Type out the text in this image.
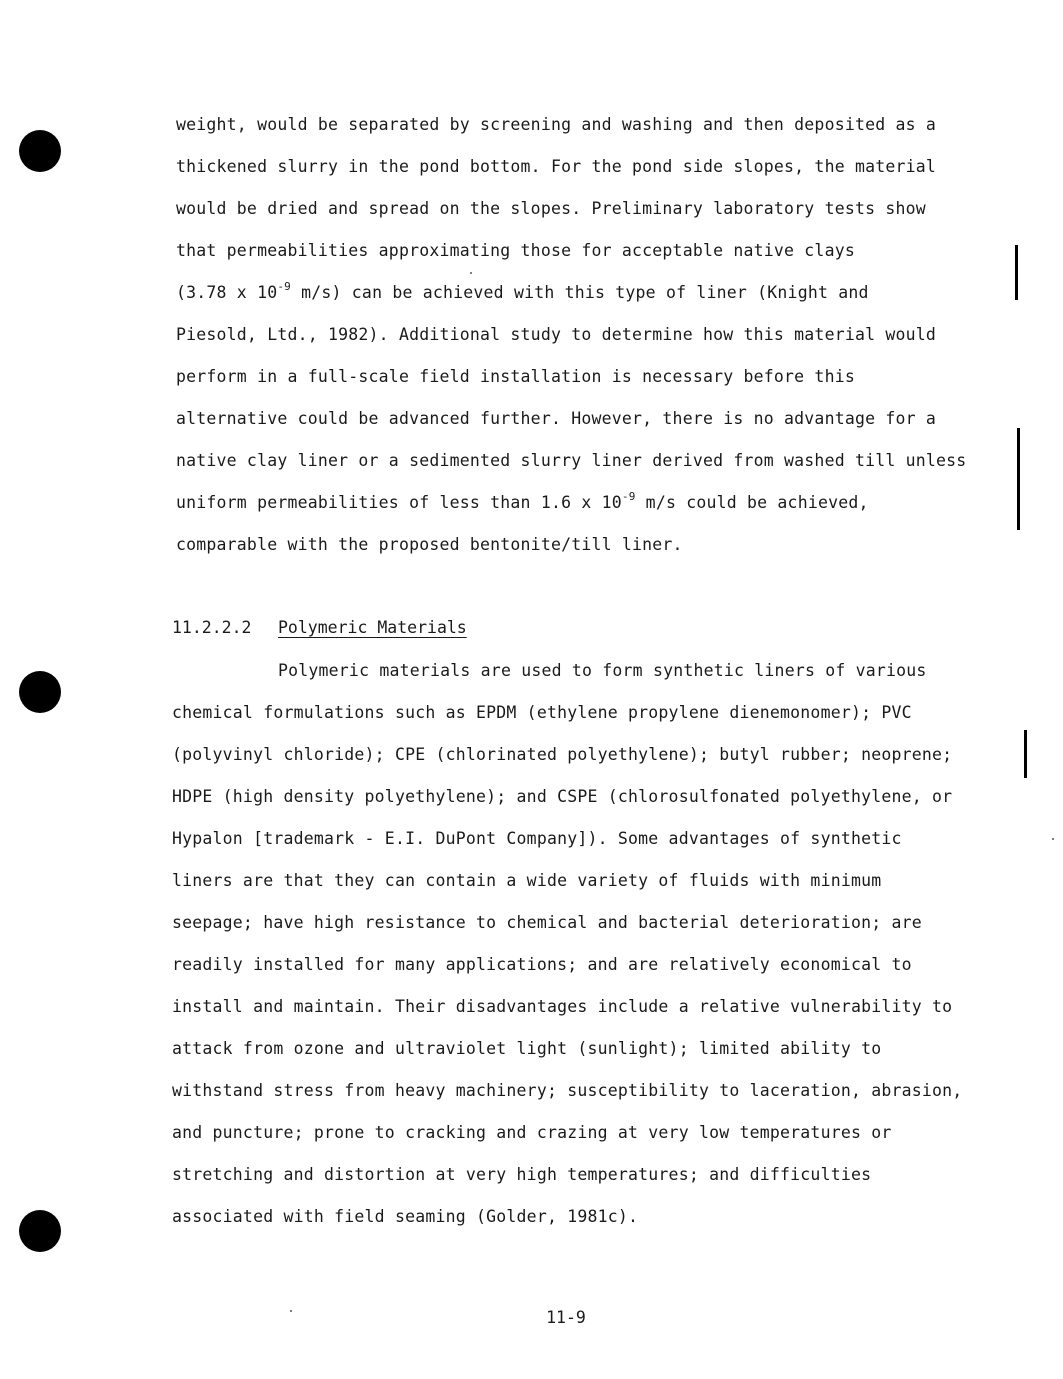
weight, would be separated by screening and washing and then deposited as a
thickened slurry in the pond bottom. For the pond side slopes, the material
would be dried and spread on the slopes. Preliminary laboratory tests show
that permeabilities approximating those for acceptable native clays
(3.78 x $10^{-9}$ m/s) can be achieved with this type of liner (Knight and
Piesold, Ltd., 1982). Additional study to determine how this material would
perform in a full-scale field installation is necessary before this
alternative could be advanced further. However, there is no advantage for a
native clay liner or a sedimented slurry liner derived from washed till unless
uniform permeabilities of less than 1.6 x $10^{-9}$ m/s could be achieved,
comparable with the proposed bentonite/till liner.
11.2.2.2 Polymeric Materials
Polymeric materials are used to form synthetic liners of various
chemical formulations such as EPDM (ethylene propylene dienemonomer); PVC
(polyvinyl chloride); CPE (chlorinated polyethylene); butyl rubber; neoprene;
HDPE (high density polyethylene); and CSPE (chlorosulfonated polyethylene, or
Hypalon [trademark - E.I. DuPont Company]). Some advantages of synthetic
liners are that they can contain a wide variety of fluids with minimum
seepage; have high resistance to chemical and bacterial deterioration; are
readily installed for many applications; and are relatively economical to
install and maintain. Their disadvantages include a relative vulnerability to
attack from ozone and ultraviolet light (sunlight); limited ability to
withstand stress from heavy machinery; susceptibility to laceration, abrasion,
and puncture; prone to cracking and crazing at very low temperatures or
stretching and distortion at very high temperatures; and difficulties
associated with field seaming (Golder, 1981c).
11-9
